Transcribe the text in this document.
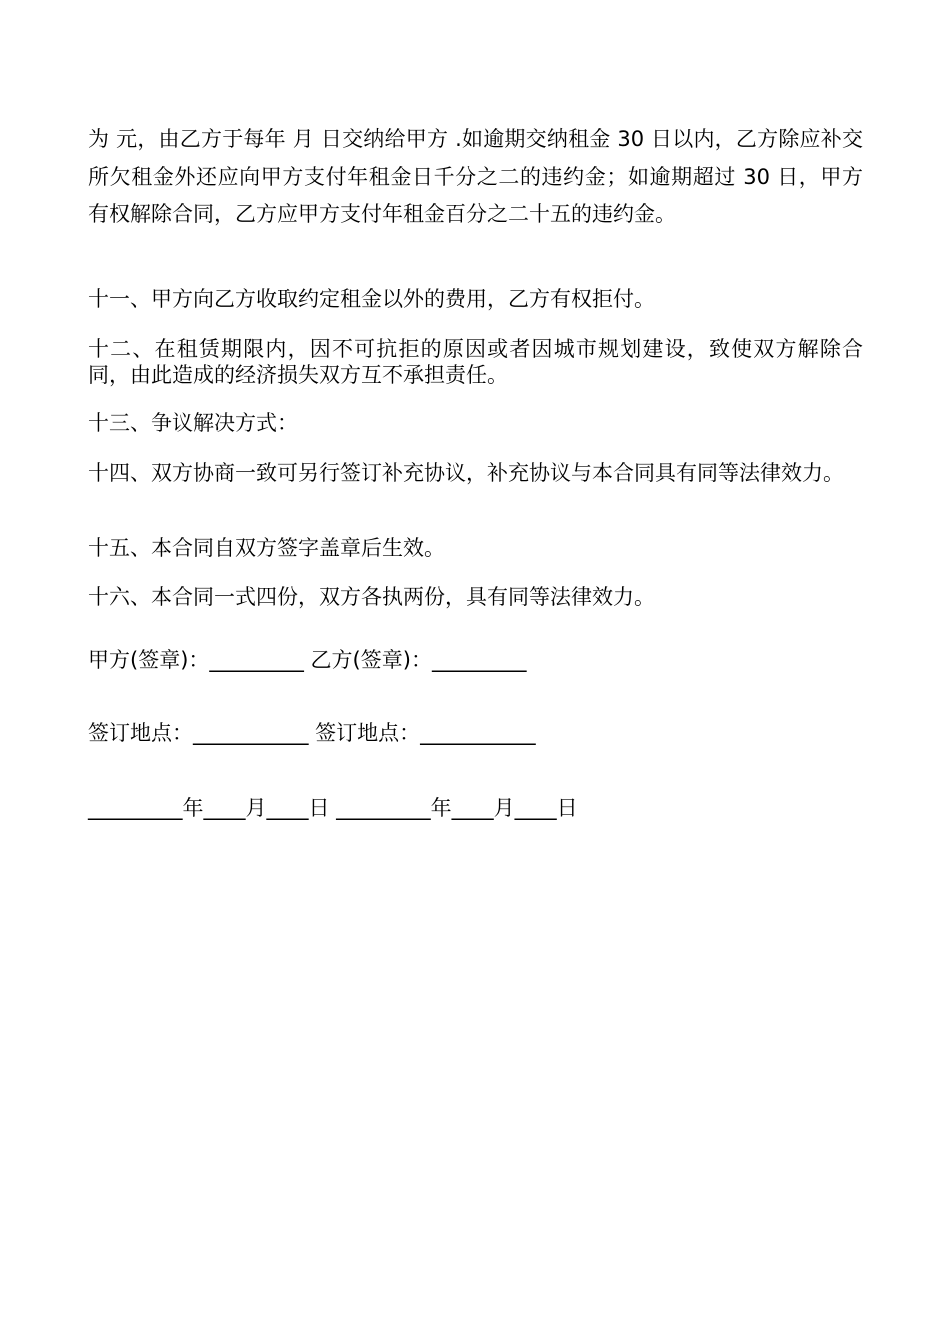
为 元，由乙方于每年 月 日交纳给甲方 .如逾期交纳租金 30 日以内，乙方除应补交所欠租金外还应向甲方支付年租金日千分之二的违约金；如逾期超过 30 日，甲方有权解除合同，乙方应甲方支付年租金百分之二十五的违约金。

十一、甲方向乙方收取约定租金以外的费用，乙方有权拒付。

十二、在租赁期限内，因不可抗拒的原因或者因城市规划建设，致使双方解除合同，由此造成的经济损失双方互不承担责任。

十三、争议解决方式：

十四、双方协商一致可另行签订补充协议，补充协议与本合同具有同等法律效力。

十五、本合同自双方签字盖章后生效。

十六、本合同一式四份，双方各执两份，具有同等法律效力。

甲方(签章)：_________ 乙方(签章)：_________

签订地点：___________ 签订地点：___________

_________年____月____日 _________年____月____日
